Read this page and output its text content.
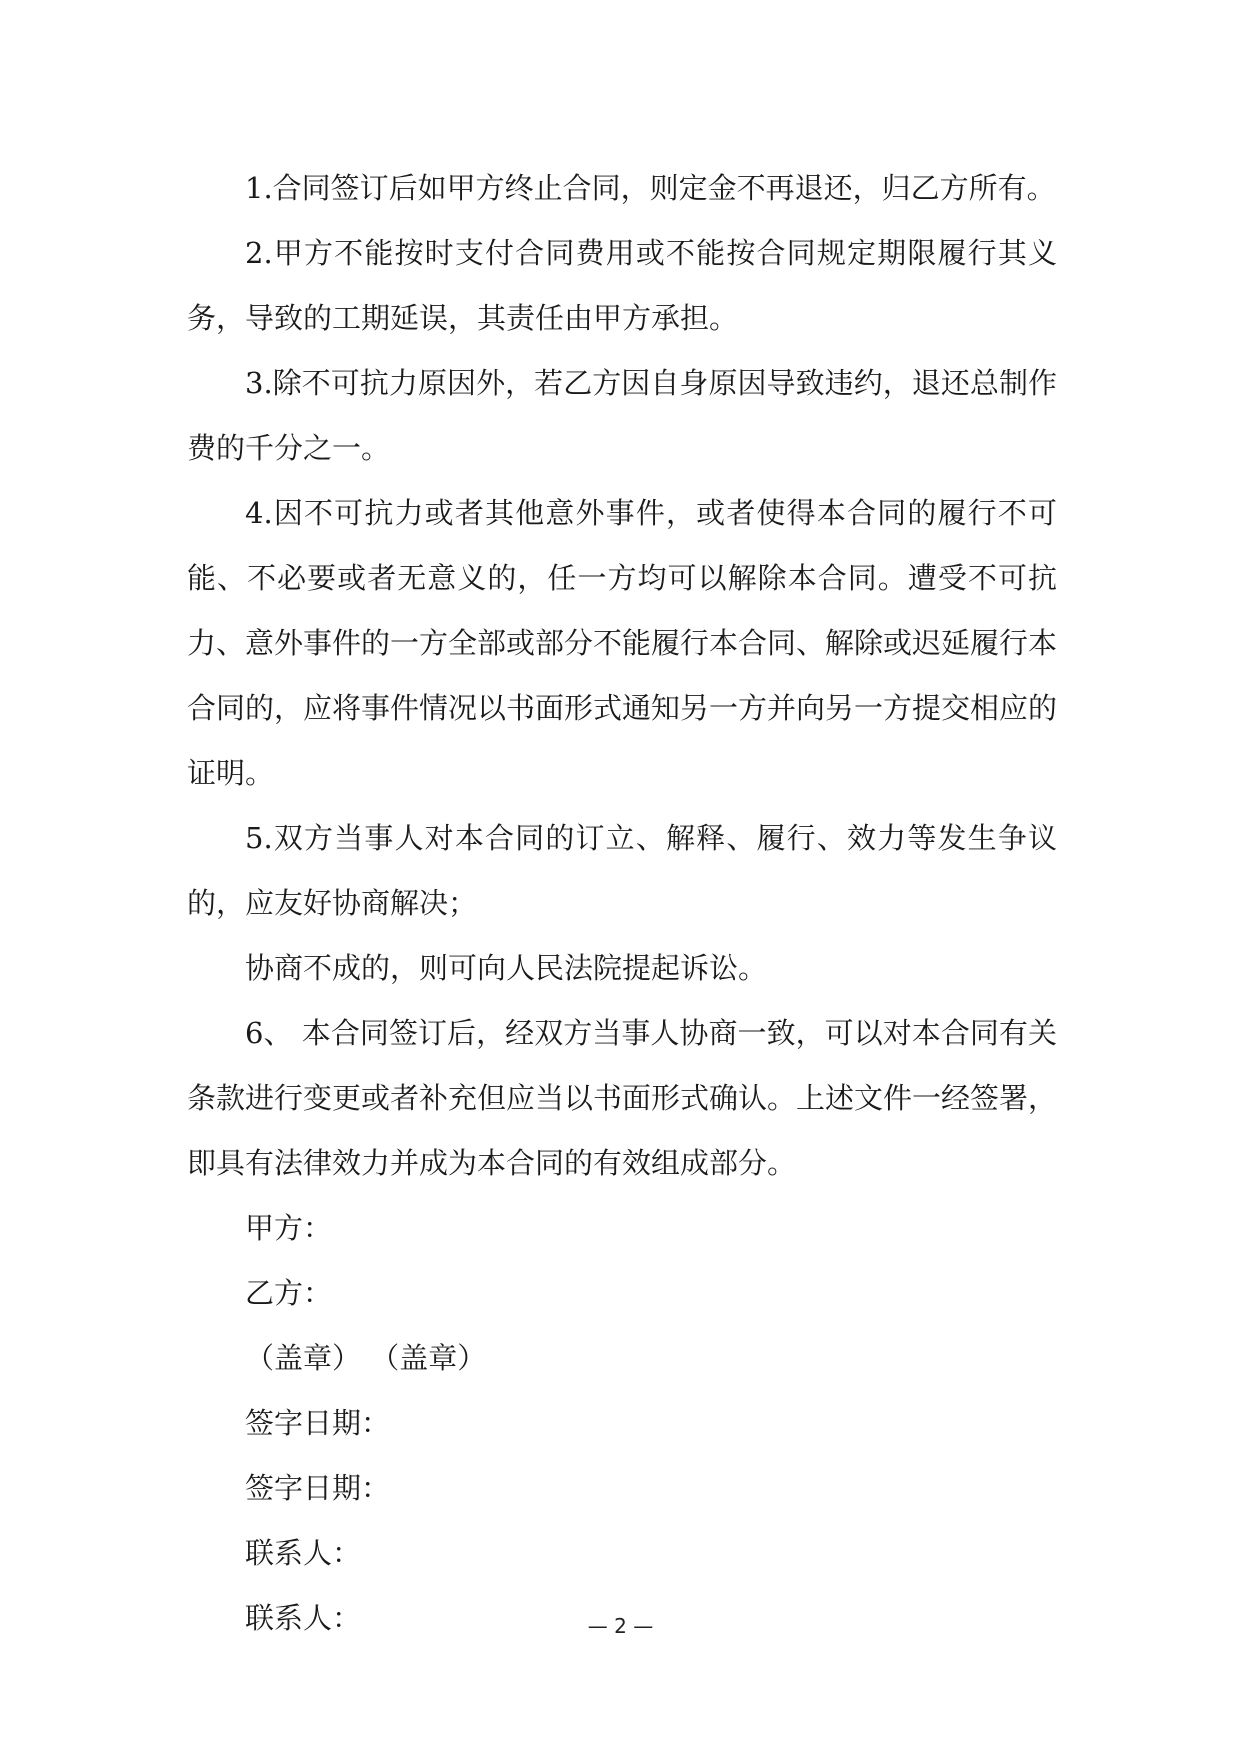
1.合同签订后如甲方终止合同，则定金不再退还，归乙方所有。

2.甲方不能按时支付合同费用或不能按合同规定期限履行其义务，导致的工期延误，其责任由甲方承担。

3.除不可抗力原因外，若乙方因自身原因导致违约，退还总制作费的千分之一。

4.因不可抗力或者其他意外事件，或者使得本合同的履行不可能、不必要或者无意义的，任一方均可以解除本合同。遭受不可抗力、意外事件的一方全部或部分不能履行本合同、解除或迟延履行本合同的，应将事件情况以书面形式通知另一方并向另一方提交相应的证明。

5.双方当事人对本合同的订立、解释、履行、效力等发生争议的，应友好协商解决；

协商不成的，则可向人民法院提起诉讼。

6、 本合同签订后，经双方当事人协商一致，可以对本合同有关条款进行变更或者补充但应当以书面形式确认。上述文件一经签署，即具有法律效力并成为本合同的有效组成部分。

甲方：

乙方：

（盖章） （盖章）

签字日期：

签字日期：

联系人：

联系人：	— 2 —
